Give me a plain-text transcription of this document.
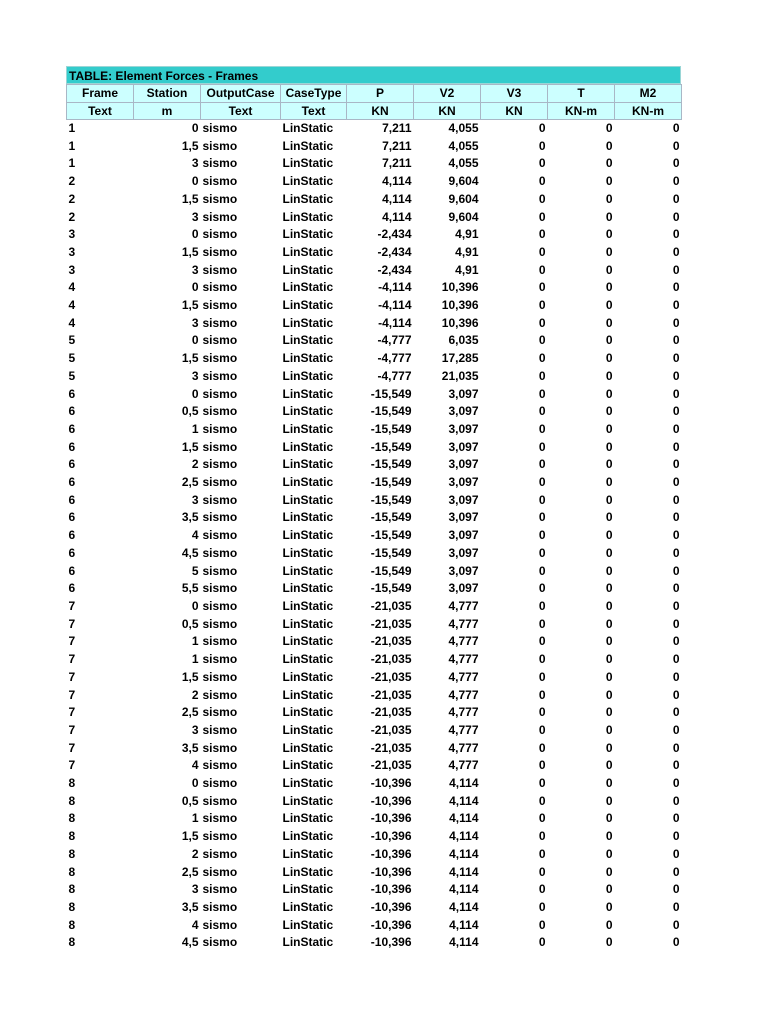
TABLE: Element Forces - Frames
Frame	Station	OutputCase	CaseType	P	V2	V3	T	M2
Text	m	Text	Text	KN	KN	KN	KN-m	KN-m
1	0	sismo	LinStatic	7,211	4,055	0	0	0
1	1,5	sismo	LinStatic	7,211	4,055	0	0	0
1	3	sismo	LinStatic	7,211	4,055	0	0	0
2	0	sismo	LinStatic	4,114	9,604	0	0	0
2	1,5	sismo	LinStatic	4,114	9,604	0	0	0
2	3	sismo	LinStatic	4,114	9,604	0	0	0
3	0	sismo	LinStatic	-2,434	4,91	0	0	0
3	1,5	sismo	LinStatic	-2,434	4,91	0	0	0
3	3	sismo	LinStatic	-2,434	4,91	0	0	0
4	0	sismo	LinStatic	-4,114	10,396	0	0	0
4	1,5	sismo	LinStatic	-4,114	10,396	0	0	0
4	3	sismo	LinStatic	-4,114	10,396	0	0	0
5	0	sismo	LinStatic	-4,777	6,035	0	0	0
5	1,5	sismo	LinStatic	-4,777	17,285	0	0	0
5	3	sismo	LinStatic	-4,777	21,035	0	0	0
6	0	sismo	LinStatic	-15,549	3,097	0	0	0
6	0,5	sismo	LinStatic	-15,549	3,097	0	0	0
6	1	sismo	LinStatic	-15,549	3,097	0	0	0
6	1,5	sismo	LinStatic	-15,549	3,097	0	0	0
6	2	sismo	LinStatic	-15,549	3,097	0	0	0
6	2,5	sismo	LinStatic	-15,549	3,097	0	0	0
6	3	sismo	LinStatic	-15,549	3,097	0	0	0
6	3,5	sismo	LinStatic	-15,549	3,097	0	0	0
6	4	sismo	LinStatic	-15,549	3,097	0	0	0
6	4,5	sismo	LinStatic	-15,549	3,097	0	0	0
6	5	sismo	LinStatic	-15,549	3,097	0	0	0
6	5,5	sismo	LinStatic	-15,549	3,097	0	0	0
7	0	sismo	LinStatic	-21,035	4,777	0	0	0
7	0,5	sismo	LinStatic	-21,035	4,777	0	0	0
7	1	sismo	LinStatic	-21,035	4,777	0	0	0
7	1	sismo	LinStatic	-21,035	4,777	0	0	0
7	1,5	sismo	LinStatic	-21,035	4,777	0	0	0
7	2	sismo	LinStatic	-21,035	4,777	0	0	0
7	2,5	sismo	LinStatic	-21,035	4,777	0	0	0
7	3	sismo	LinStatic	-21,035	4,777	0	0	0
7	3,5	sismo	LinStatic	-21,035	4,777	0	0	0
7	4	sismo	LinStatic	-21,035	4,777	0	0	0
8	0	sismo	LinStatic	-10,396	4,114	0	0	0
8	0,5	sismo	LinStatic	-10,396	4,114	0	0	0
8	1	sismo	LinStatic	-10,396	4,114	0	0	0
8	1,5	sismo	LinStatic	-10,396	4,114	0	0	0
8	2	sismo	LinStatic	-10,396	4,114	0	0	0
8	2,5	sismo	LinStatic	-10,396	4,114	0	0	0
8	3	sismo	LinStatic	-10,396	4,114	0	0	0
8	3,5	sismo	LinStatic	-10,396	4,114	0	0	0
8	4	sismo	LinStatic	-10,396	4,114	0	0	0
8	4,5	sismo	LinStatic	-10,396	4,114	0	0	0
